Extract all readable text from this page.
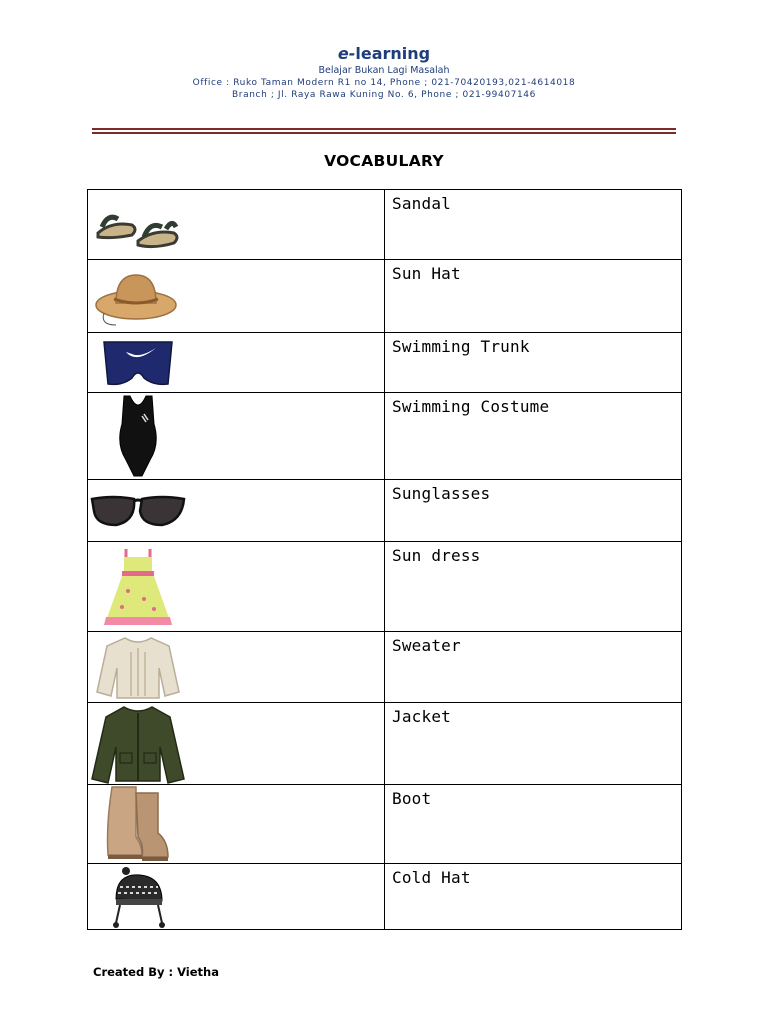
e-learning
Belajar Bukan Lagi Masalah
Office : Ruko Taman Modern R1 no 14, Phone ; 021-70420193,021-4614018
Branch ; Jl. Raya Rawa Kuning No. 6, Phone ; 021-99407146
VOCABULARY
	Sandal

	Sun Hat

	Swimming Trunk

	Swimming Costume

	Sunglasses

	Sun dress

	Sweater

	Jacket

	Boot

	Cold Hat
Created By : Vietha
